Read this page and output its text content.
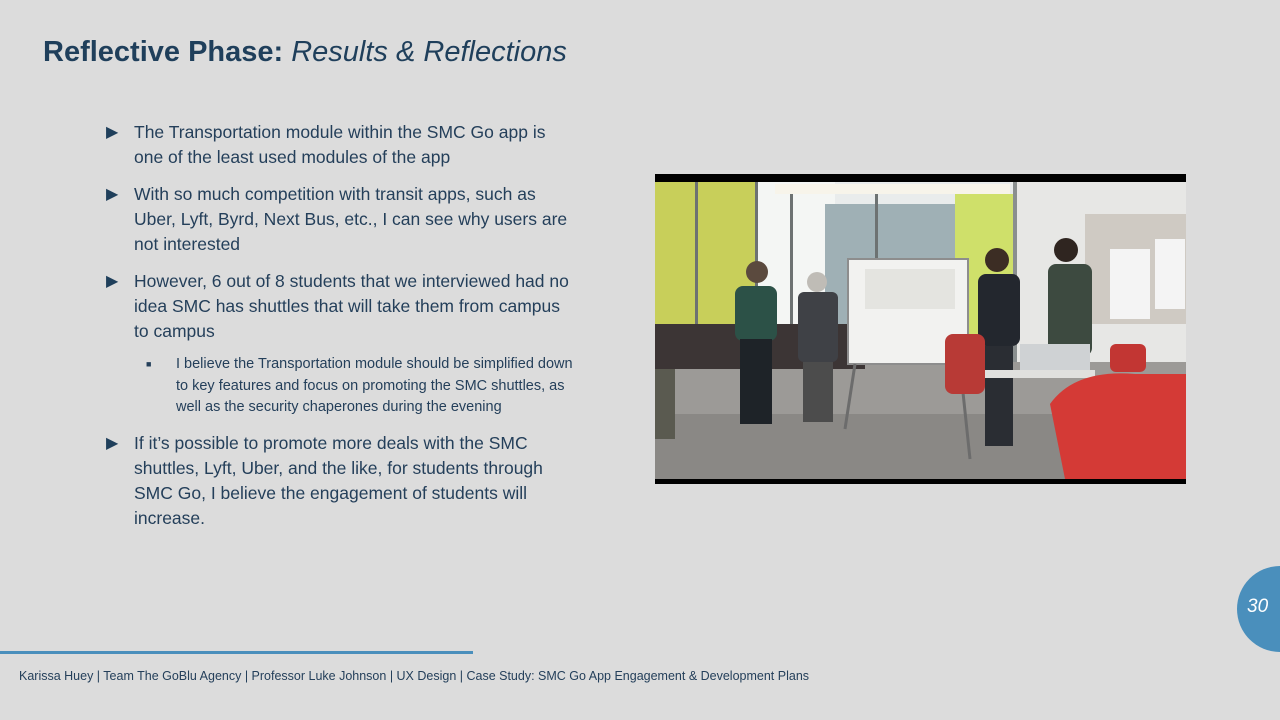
Reflective Phase: Results & Reflections
▶ The Transportation module within the SMC Go app is one of the least used modules of the app
▶ With so much competition with transit apps, such as Uber, Lyft, Byrd, Next Bus, etc., I can see why users are not interested
▶ However, 6 out of 8 students that we interviewed had no idea SMC has shuttles that will take them from campus to campus
■ I believe the Transportation module should be simplified down to key features and focus on promoting the SMC shuttles, as well as the security chaperones during the evening
▶ If it’s possible to promote more deals with the SMC shuttles, Lyft, Uber, and the like, for students through SMC Go, I believe the engagement of students will increase.
30
Karissa Huey | Team The GoBlu Agency | Professor Luke Johnson | UX Design | Case Study: SMC Go App Engagement & Development Plans
